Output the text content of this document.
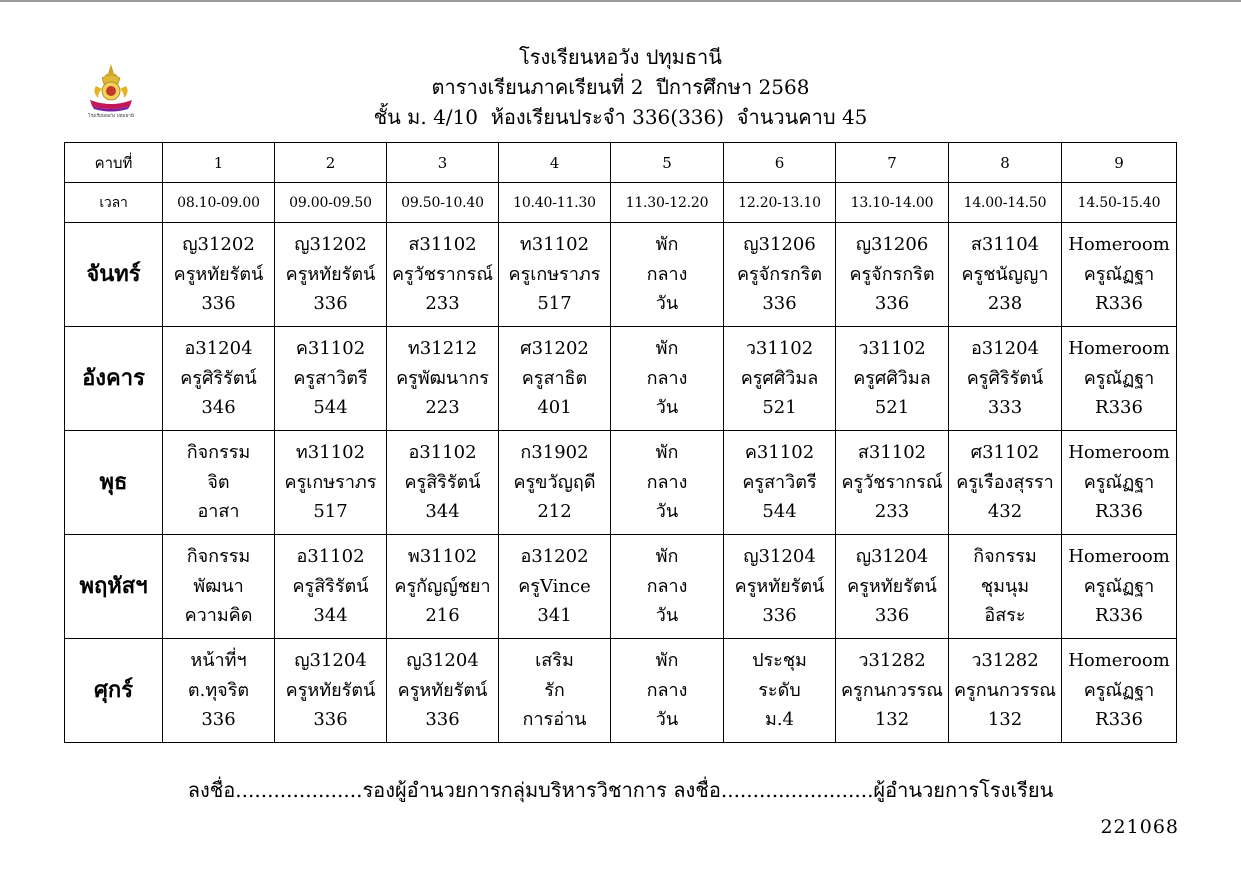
โรงเรียนหอวัง ปทุมธานี
โรงเรียนหอวัง ปทุมธานี
ตารางเรียนภาคเรียนที่ 2  ปีการศึกษา 2568
ชั้น ม. 4/10  ห้องเรียนประจำ 336(336)  จำนวนคาบ 45
คาบที่	1	2	3	4	5	6	7	8	9
เวลา	08.10-09.00	09.00-09.50	09.50-10.40	10.40-11.30	11.30-12.20	12.20-13.10	13.10-14.00	14.00-14.50	14.50-15.40
จันทร์	ญ31202
ครูหทัยรัตน์
336	ญ31202
ครูหทัยรัตน์
336	ส31102
ครูวัชรากรณ์
233	ท31102
ครูเกษราภร
517	พัก
กลาง
วัน	ญ31206
ครูจักรกริต
336	ญ31206
ครูจักรกริต
336	ส31104
ครูชนัญญา
238	Homeroom
ครูณัฏฐา
R336

อังคาร	อ31204
ครูศิริรัตน์
346	ค31102
ครูสาวิตรี
544	ท31212
ครูพัฒนากร
223	ศ31202
ครูสาธิต
401	พัก
กลาง
วัน	ว31102
ครูศศิวิมล
521	ว31102
ครูศศิวิมล
521	อ31204
ครูศิริรัตน์
333	Homeroom
ครูณัฏฐา
R336

พุธ	กิจกรรม
จิต
อาสา	ท31102
ครูเกษราภร
517	อ31102
ครูสิริรัตน์
344	ก31902
ครูขวัญฤดี
212	พัก
กลาง
วัน	ค31102
ครูสาวิตรี
544	ส31102
ครูวัชรากรณ์
233	ศ31102
ครูเรืองสุรรา
432	Homeroom
ครูณัฏฐา
R336

พฤหัสฯ	กิจกรรม
พัฒนา
ความคิด	อ31102
ครูสิริรัตน์
344	พ31102
ครูกัญญ์ชยา
216	อ31202
ครูVince
341	พัก
กลาง
วัน	ญ31204
ครูหทัยรัตน์
336	ญ31204
ครูหทัยรัตน์
336	กิจกรรม
ชุมนุม
อิสระ	Homeroom
ครูณัฏฐา
R336

ศุกร์	หน้าที่ฯ
ต.ทุจริต
336	ญ31204
ครูหทัยรัตน์
336	ญ31204
ครูหทัยรัตน์
336	เสริม
รัก
การอ่าน	พัก
กลาง
วัน	ประชุม
ระดับ
ม.4	ว31282
ครูกนกวรรณ
132	ว31282
ครูกนกวรรณ
132	Homeroom
ครูณัฏฐา
R336
ลงชื่อ....................รองผู้อำนวยการกลุ่มบริหารวิชาการ ลงชื่อ........................ผู้อำนวยการโรงเรียน
221068
